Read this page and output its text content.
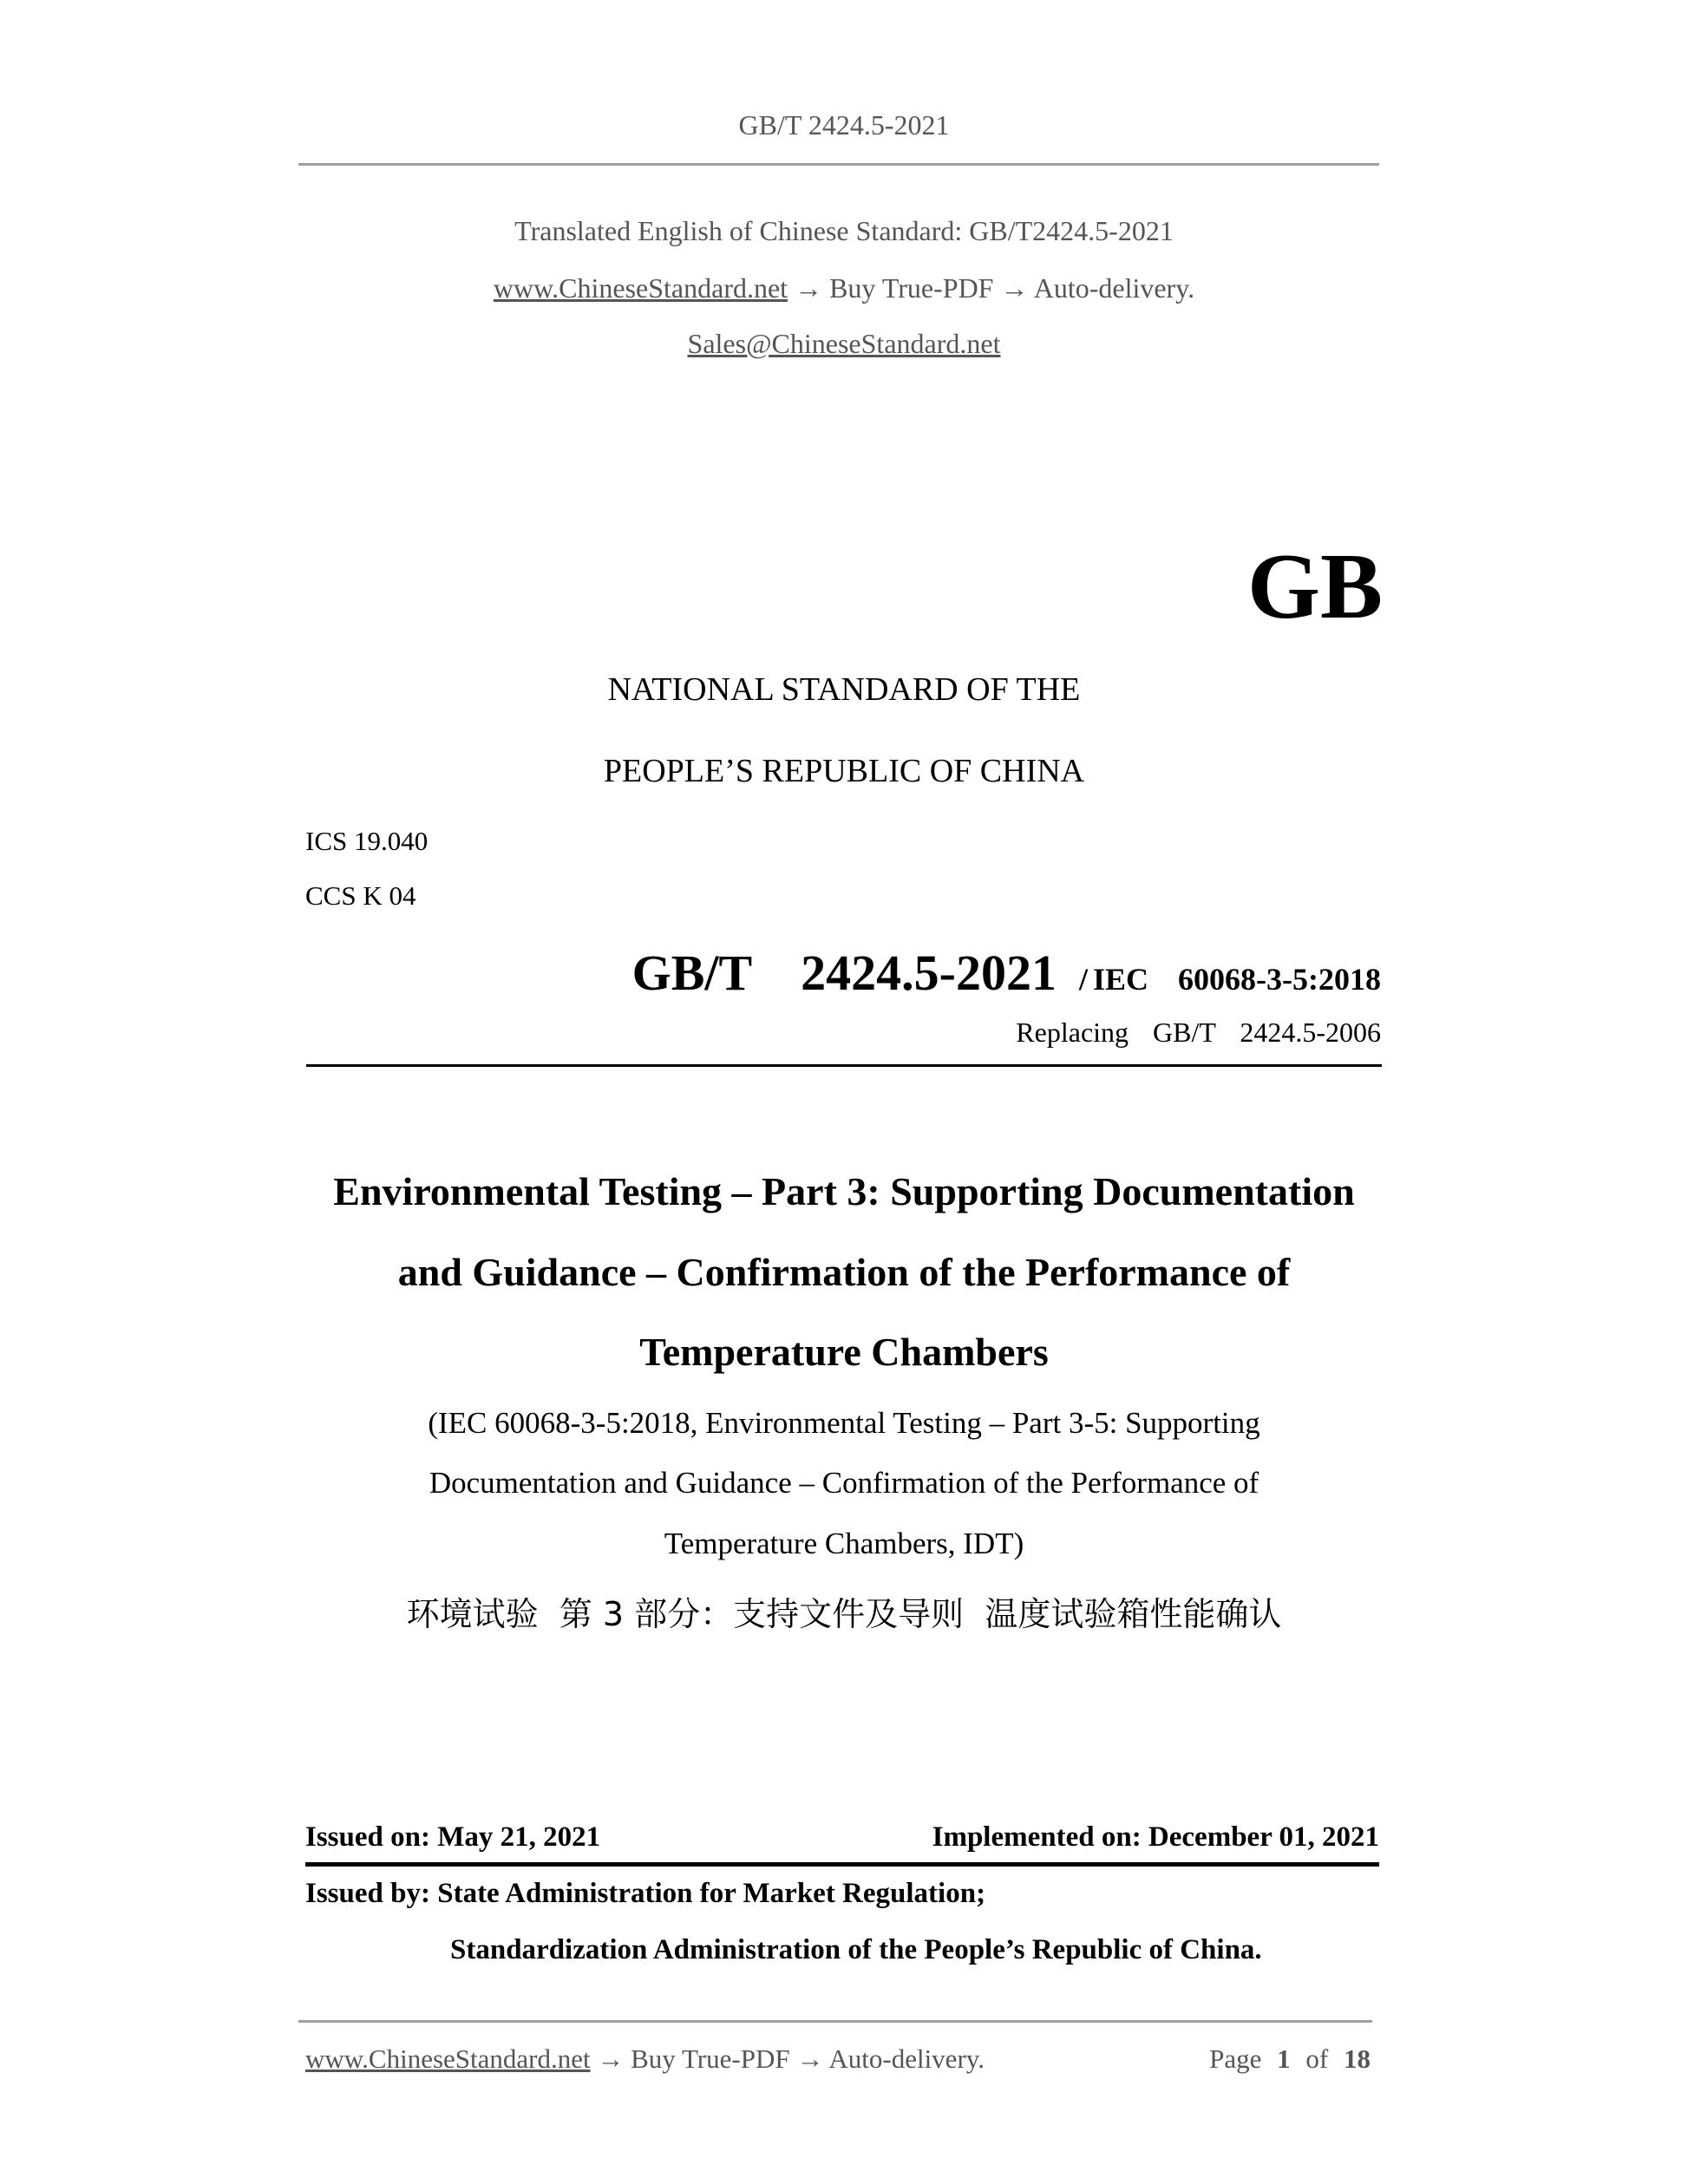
GB/T 2424.5-2021
Translated English of Chinese Standard: GB/T2424.5-2021
www.ChineseStandard.net → Buy True-PDF → Auto-delivery.
Sales@ChineseStandard.net
GB
NATIONAL STANDARD OF THE
PEOPLE’S REPUBLIC OF CHINA
ICS 19.040
CCS K 04
GB/T  2424.5-2021 / IEC  60068-3-5:2018
Replacing  GB/T  2424.5-2006
Environmental Testing – Part 3: Supporting Documentation
and Guidance – Confirmation of the Performance of
Temperature Chambers
(IEC 60068-3-5:2018, Environmental Testing – Part 3-5: Supporting
Documentation and Guidance – Confirmation of the Performance of
Temperature Chambers, IDT)
环境试验  第 3 部分：支持文件及导则  温度试验箱性能确认
Issued on: May 21, 2021	Implemented on: December 01, 2021
Issued by: State Administration for Market Regulation;
Standardization Administration of the People’s Republic of China.
www.ChineseStandard.net → Buy True-PDF → Auto-delivery.	Page 1 of 18
